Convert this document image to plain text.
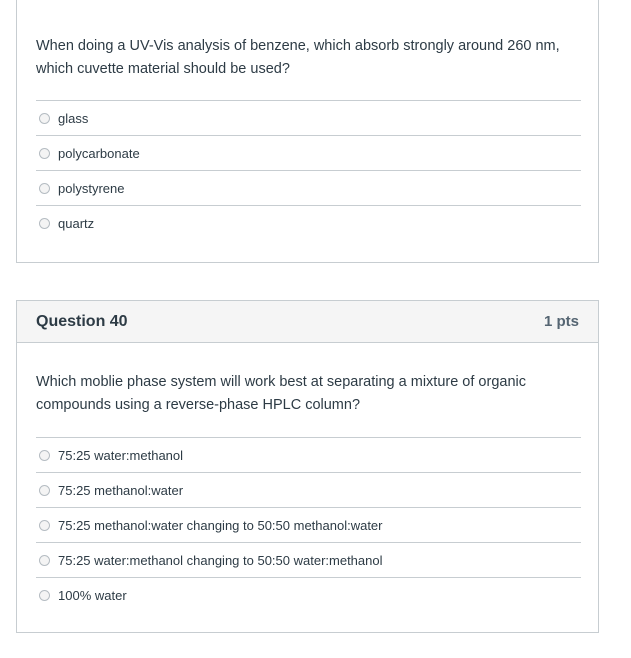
When doing a UV-Vis analysis of benzene, which absorb strongly around 260 nm, which cuvette material should be used?
glass
polycarbonate
polystyrene
quartz
Question 40	1 pts
Which moblie phase system will work best at separating a mixture of organic compounds using a reverse-phase HPLC column?
75:25 water:methanol
75:25 methanol:water
75:25 methanol:water changing to 50:50 methanol:water
75:25 water:methanol changing to 50:50 water:methanol
100% water
